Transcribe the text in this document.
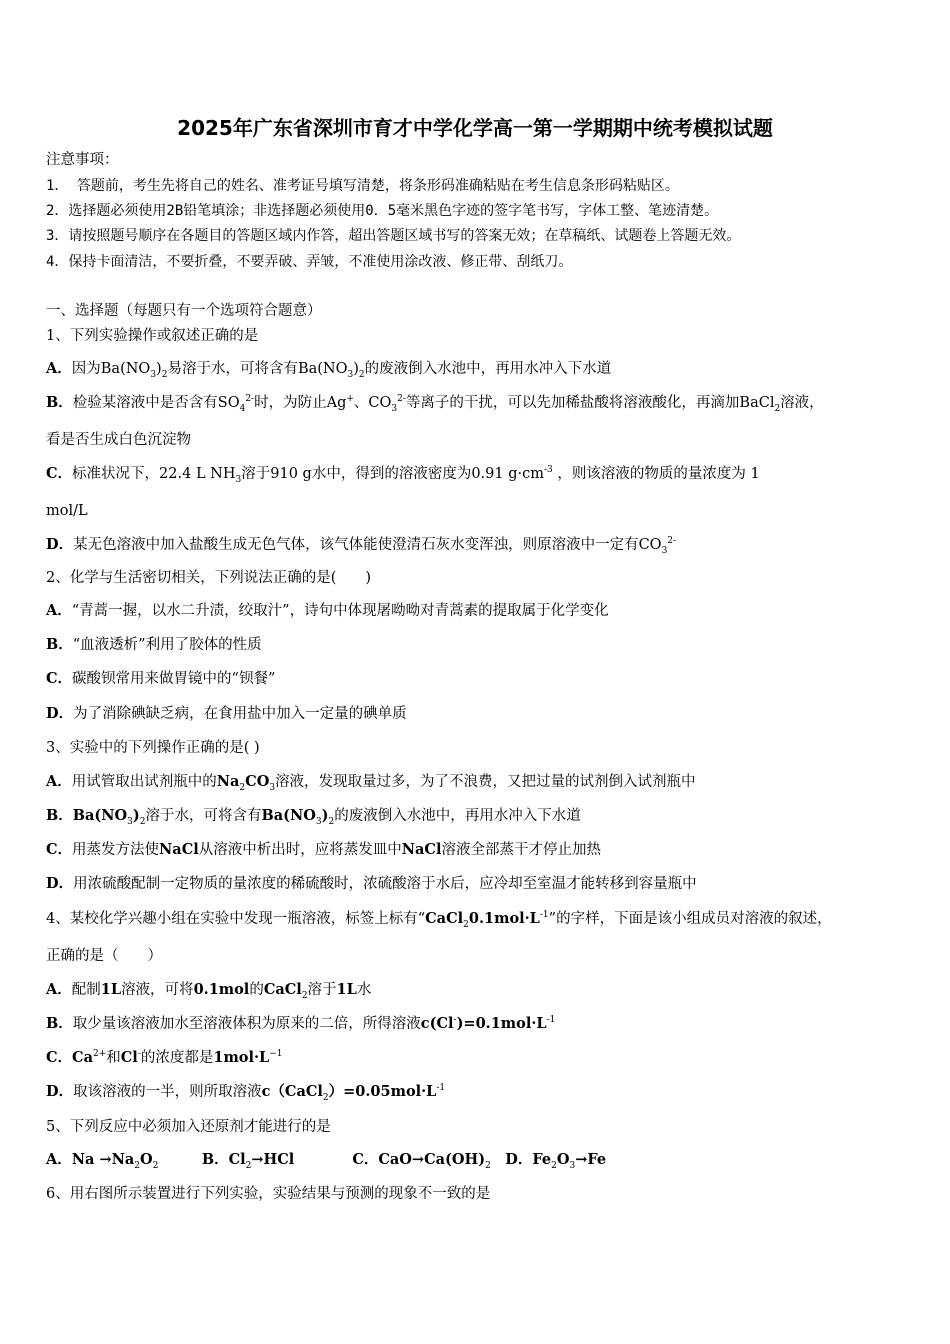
2025年广东省深圳市育才中学化学高一第一学期期中统考模拟试题
注意事项：
1． 答题前，考生先将自己的姓名、准考证号填写清楚，将条形码准确粘贴在考生信息条形码粘贴区。
2．选择题必须使用2B铅笔填涂；非选择题必须使用0．5毫米黑色字迹的签字笔书写，字体工整、笔迹清楚。
3．请按照题号顺序在各题目的答题区域内作答，超出答题区域书写的答案无效；在草稿纸、试题卷上答题无效。
4．保持卡面清洁，不要折叠，不要弄破、弄皱，不准使用涂改液、修正带、刮纸刀。
一、选择题（每题只有一个选项符合题意）
1、下列实验操作或叙述正确的是
A．因为$Ba(NO_3)_2$易溶于水，可将含有$Ba(NO_3)_2$的废液倒入水池中，再用水冲入下水道
B．检验某溶液中是否含有$SO_4^{2-}$时，为防止Ag+、$CO_3^{2-}$等离子的干扰，可以先加稀盐酸将溶液酸化，再滴加BaCl$_2$溶液，
看是否生成白色沉淀物
C．标准状况下，22.4 L $NH_3$溶于910 g水中，得到的溶液密度为0.91 $g\cdot cm^{-3}$ ，则该溶液的物质的量浓度为 1
mol/L
D．某无色溶液中加入盐酸生成无色气体，该气体能使澄清石灰水变浑浊，则原溶液中一定有$CO_3^{2-}$
2、化学与生活密切相关，下列说法正确的是(　　)
A．“青蒿一握，以水二升渍，绞取汁”，诗句中体现屠呦呦对青蒿素的提取属于化学变化
B．“血液透析”利用了胶体的性质
C．碳酸钡常用来做胃镜中的“钡餐”
D．为了消除碘缺乏病，在食用盐中加入一定量的碘单质
3、实验中的下列操作正确的是( )
A．用试管取出试剂瓶中的$Na_2CO_3$溶液，发现取量过多，为了不浪费，又把过量的试剂倒入试剂瓶中
B．$Ba(NO_3)_2$溶于水，可将含有$Ba(NO_3)_2$的废液倒入水池中，再用水冲入下水道
C．用蒸发方法使NaCl从溶液中析出时，应将蒸发皿中NaCl溶液全部蒸干才停止加热
D．用浓硫酸配制一定物质的量浓度的稀硫酸时，浓硫酸溶于水后，应冷却至室温才能转移到容量瓶中
4、某校化学兴趣小组在实验中发现一瓶溶液，标签上标有“$CaCl_20.1mol\cdot L^{-1}$”的字样，下面是该小组成员对溶液的叙述，
正确的是（　　）
A．配制1L溶液，可将0.1mol的CaCl$_2$溶于1L水
B．取少量该溶液加水至溶液体积为原来的二倍，所得溶液$c(Cl^-)=0.1mol\cdot L^{-1}$
C．$Ca^{2+}$和Cl-的浓度都是$1mol\cdot L^{-1}$
D．取该溶液的一半，则所取溶液$c(CaCl_2)=0.05mol\cdot L^{-1}$
5、下列反应中必须加入还原剂才能进行的是
A．$Na \to Na_2O_2$　　　	B．$Cl_2\to HCl$　　　　	C．$CaO\to Ca(OH)_2$　 D．$Fe_2O_3\to Fe$
6、用右图所示装置进行下列实验，实验结果与预测的现象不一致的是
